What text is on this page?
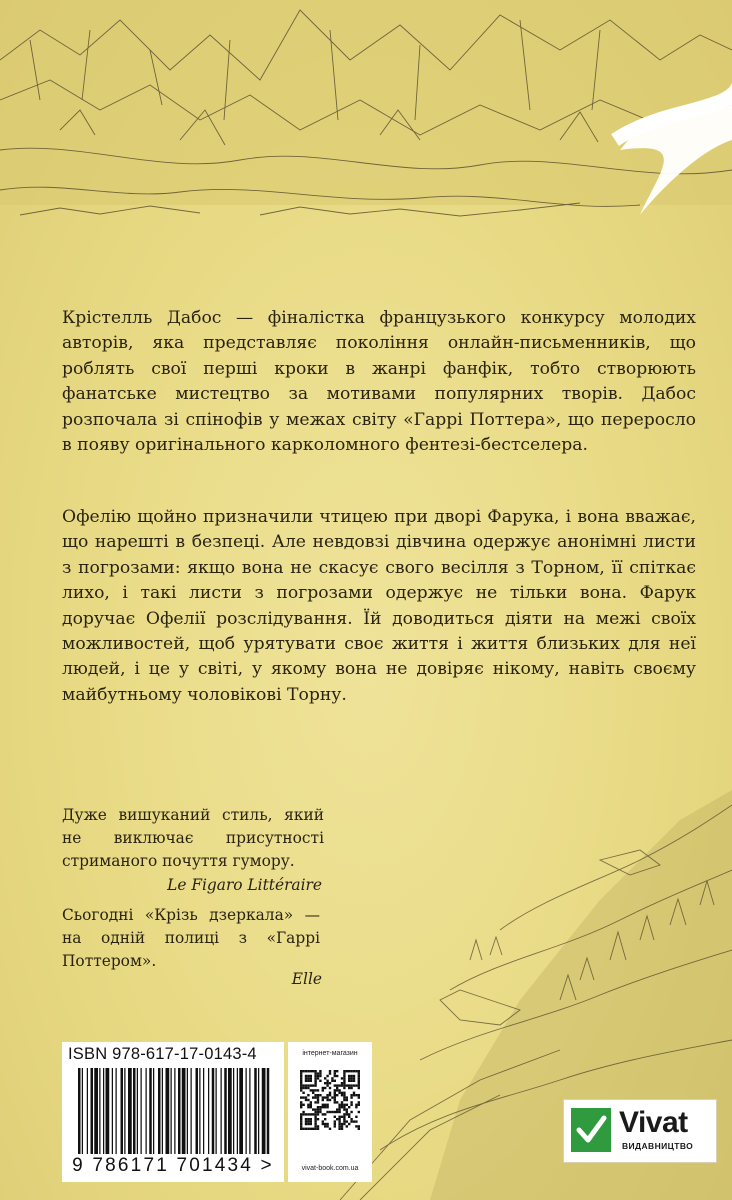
Крістелль Дабос — фіналістка французького конкурсу молодих авторів, яка представляє покоління онлайн-письменників, що роблять свої перші кроки в жанрі фанфік, тобто створюють фанатське мистецтво за мотивами популярних творів. Дабос розпочала зі спінофів у межах світу «Гаррі Поттера», що переросло в появу оригінального карколомного фентезі-бестселера.

Офелію щойно призначили чтицею при дворі Фарука, і вона вважає, що нарешті в безпеці. Але невдовзі дівчина одержує анонімні листи з погрозами: якщо вона не скасує свого весілля з Торном, її спіткає лихо, і такі листи з погрозами одержує не тільки вона. Фарук доручає Офелії розслідування. Їй доводиться діяти на межі своїх можливостей, щоб урятувати своє життя і життя близьких для неї людей, і це у світі, у якому вона не довіряє нікому, навіть своєму майбутньому чоловікові Торну.

Дуже вишуканий стиль, який не виключає присутності стриманого почуття гумору.

Le Figaro Littéraire

Сьогодні «Крізь дзеркала» — на одній полиці з «Гаррі Поттером».

Elle
ISBN 978-617-17-0143-4
9 786171 701434 >
інтернет-магазин
vivat-book.com.ua
Vivat
ВИДАВНИЦТВО
